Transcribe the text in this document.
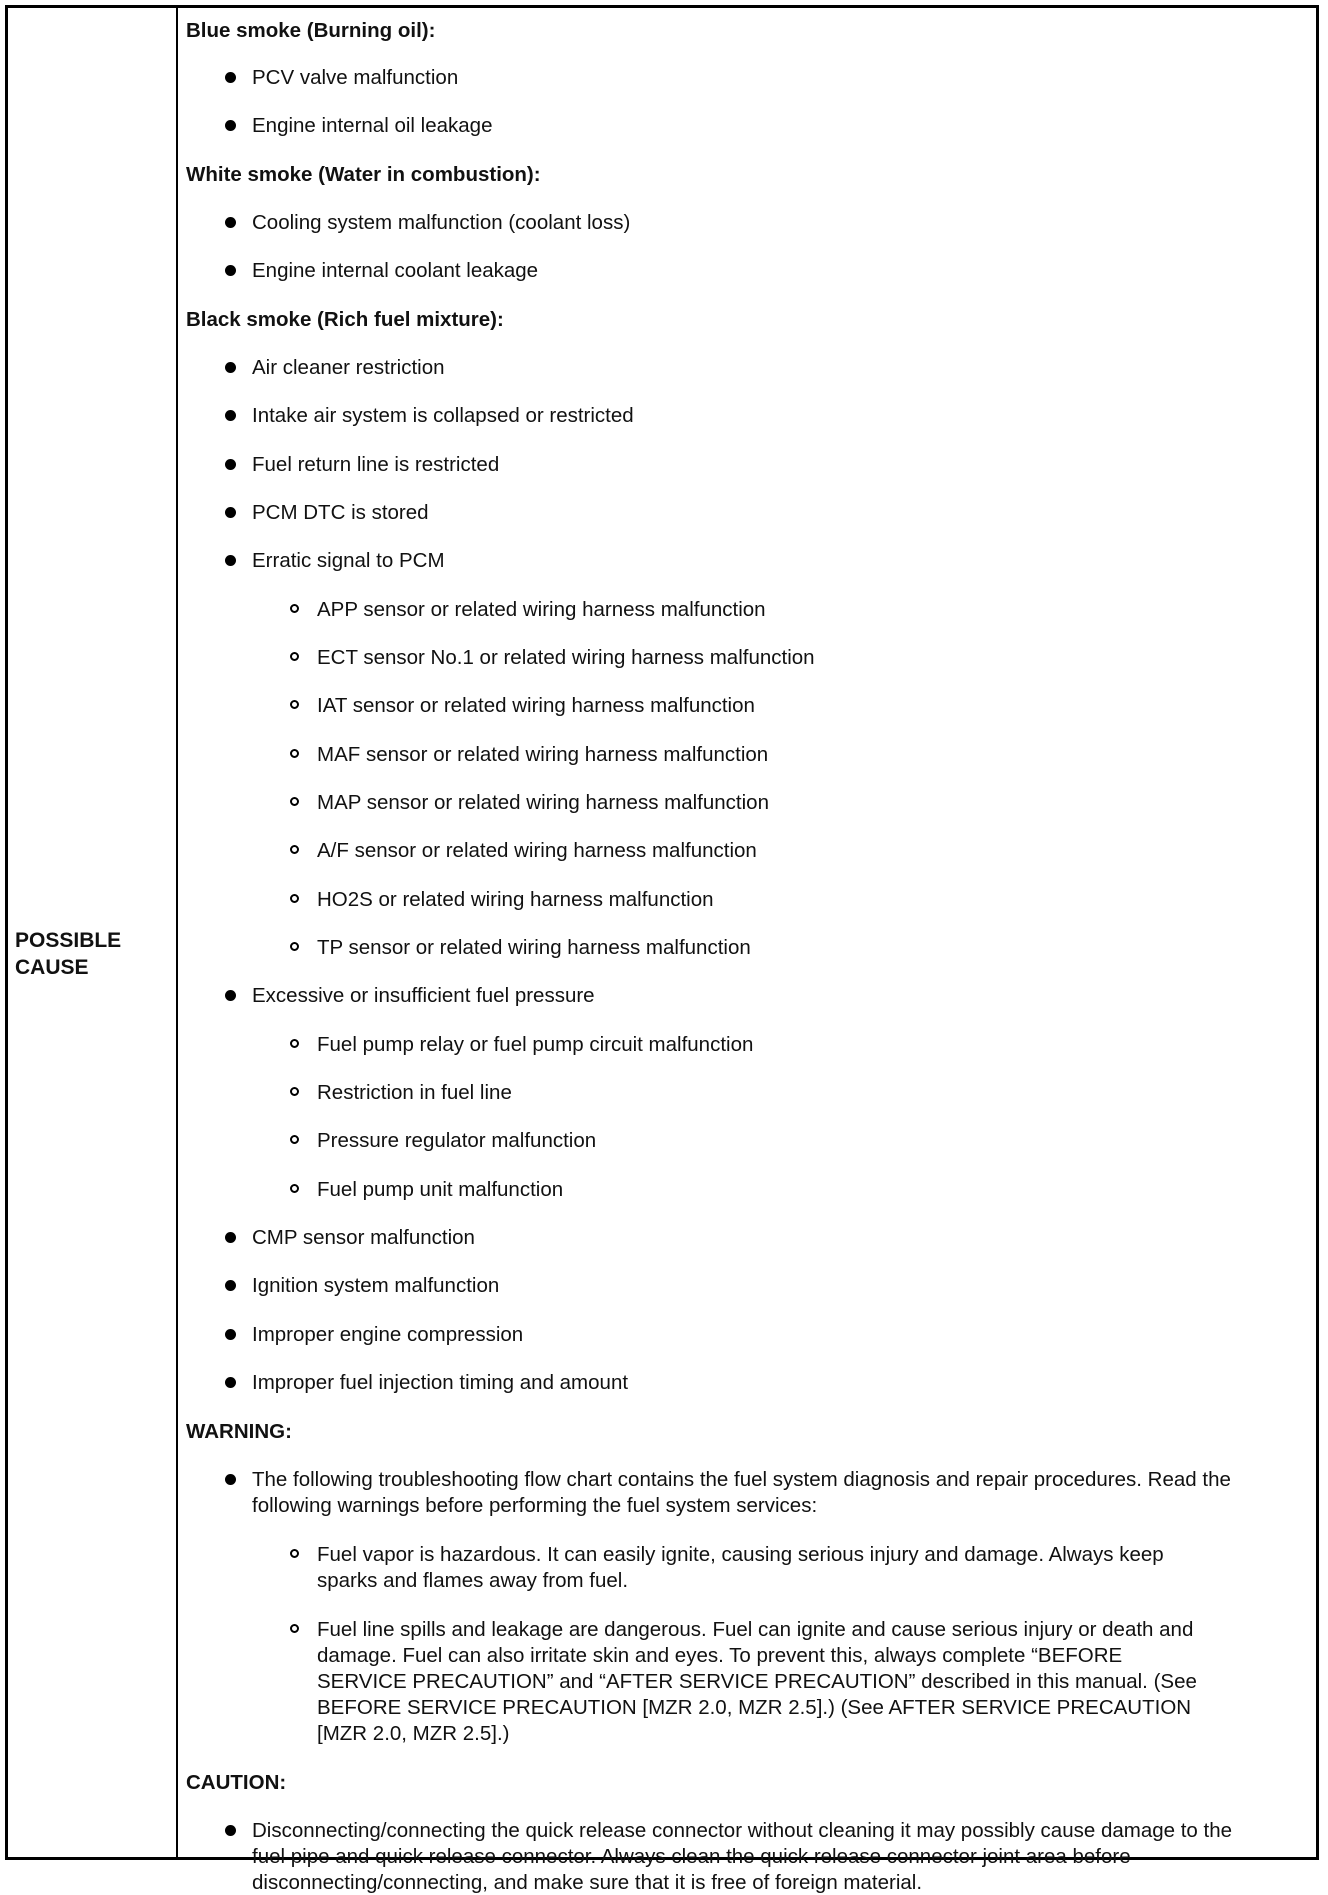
POSSIBLE
CAUSE
Blue smoke (Burning oil):
PCV valve malfunction
Engine internal oil leakage
White smoke (Water in combustion):
Cooling system malfunction (coolant loss)
Engine internal coolant leakage
Black smoke (Rich fuel mixture):
Air cleaner restriction
Intake air system is collapsed or restricted
Fuel return line is restricted
PCM DTC is stored
Erratic signal to PCM
APP sensor or related wiring harness malfunction
ECT sensor No.1 or related wiring harness malfunction
IAT sensor or related wiring harness malfunction
MAF sensor or related wiring harness malfunction
MAP sensor or related wiring harness malfunction
A/F sensor or related wiring harness malfunction
HO2S or related wiring harness malfunction
TP sensor or related wiring harness malfunction
Excessive or insufficient fuel pressure
Fuel pump relay or fuel pump circuit malfunction
Restriction in fuel line
Pressure regulator malfunction
Fuel pump unit malfunction
CMP sensor malfunction
Ignition system malfunction
Improper engine compression
Improper fuel injection timing and amount
WARNING:
The following troubleshooting flow chart contains the fuel system diagnosis and repair procedures. Read the
following warnings before performing the fuel system services:
Fuel vapor is hazardous. It can easily ignite, causing serious injury and damage. Always keep
sparks and flames away from fuel.
Fuel line spills and leakage are dangerous. Fuel can ignite and cause serious injury or death and
damage. Fuel can also irritate skin and eyes. To prevent this, always complete “BEFORE
SERVICE PRECAUTION” and “AFTER SERVICE PRECAUTION” described in this manual. (See
BEFORE SERVICE PRECAUTION [MZR 2.0, MZR 2.5].) (See AFTER SERVICE PRECAUTION
[MZR 2.0, MZR 2.5].)
CAUTION:
Disconnecting/connecting the quick release connector without cleaning it may possibly cause damage to the
fuel pipe and quick release connector. Always clean the quick release connector joint area before
disconnecting/connecting, and make sure that it is free of foreign material.
